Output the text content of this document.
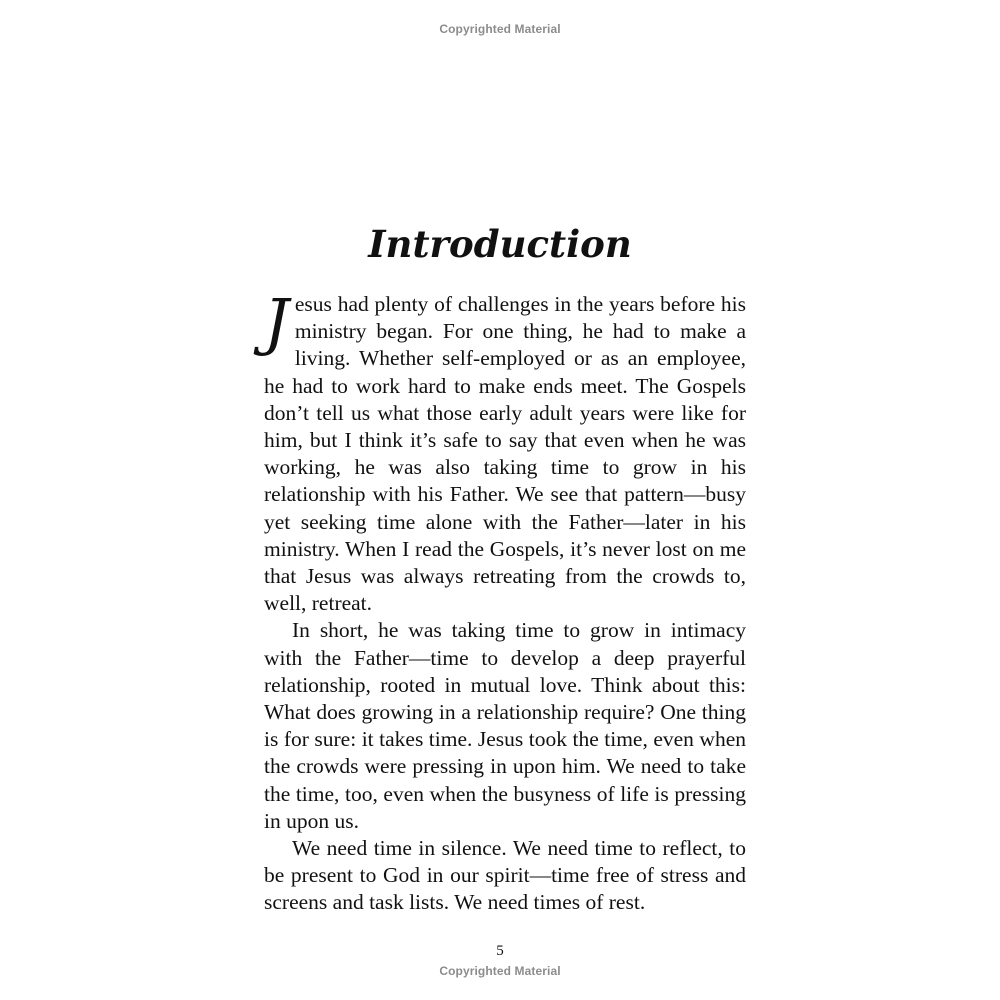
Copyrighted Material
Introduction

Jesus had plenty of challenges in the years before his ministry began. For one thing, he had to make a living. Whether self-employed or as an employee, he had to work hard to make ends meet. The Gospels don’t tell us what those early adult years were like for him, but I think it’s safe to say that even when he was working, he was also taking time to grow in his relationship with his Father. We see that pattern—busy yet seeking time alone with the Father—later in his ministry. When I read the Gospels, it’s never lost on me that Jesus was always retreating from the crowds to, well, retreat.

In short, he was taking time to grow in intimacy with the Father—time to develop a deep prayerful relationship, rooted in mutual love. Think about this: What does growing in a relationship require? One thing is for sure: it takes time. Jesus took the time, even when the crowds were pressing in upon him. We need to take the time, too, even when the busyness of life is pressing in upon us.

We need time in silence. We need time to reflect, to be present to God in our spirit—time free of stress and screens and task lists. We need times of rest.

5
Copyrighted Material
